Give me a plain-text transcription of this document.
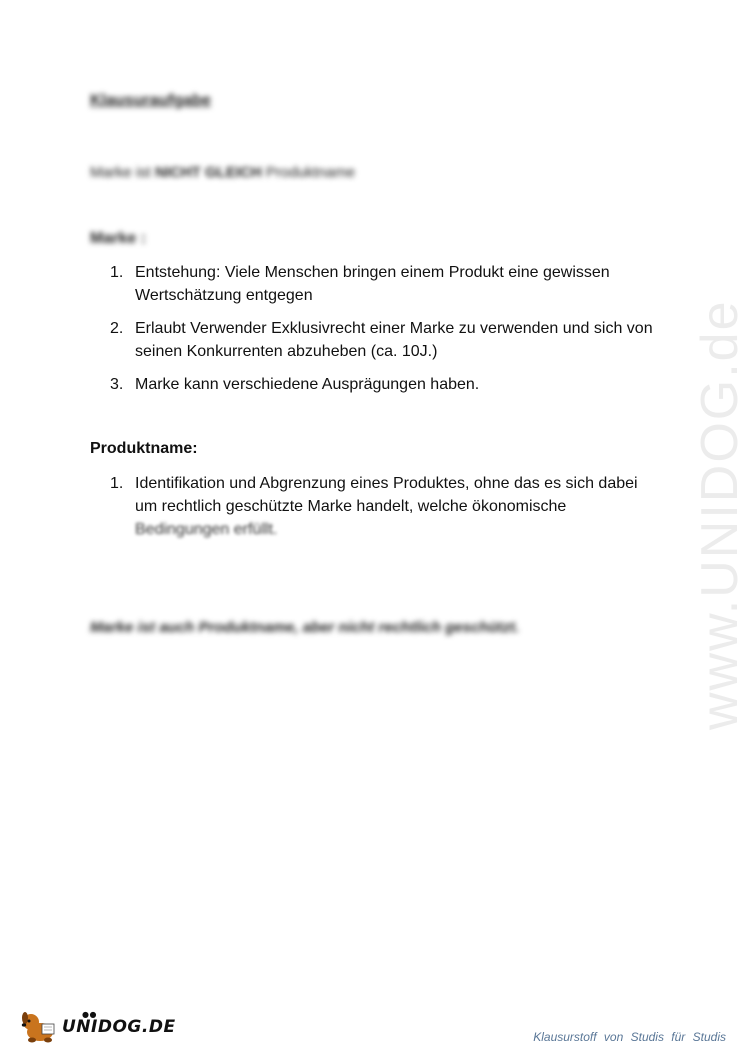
www.UNIDOG.de
Klausuraufgabe
Marke ist NICHT GLEICH Produktname
Marke :
1. Entstehung: Viele Menschen bringen einem Produkt eine gewissen
Wertschätzung entgegen
2. Erlaubt Verwender Exklusivrecht einer Marke zu verwenden und sich von
seinen Konkurrenten abzuheben (ca. 10J.)
3. Marke kann verschiedene Ausprägungen haben.
Produktname:
1. Identifikation und Abgrenzung eines Produktes, ohne das es sich dabei
um rechtlich geschützte Marke handelt, welche ökonomische

Bedingungen erfüllt.
Marke ist auch Produktname, aber nicht rechtlich geschützt.
●●
UNIDOG.DE	Klausurstoff von Studis für Studis
